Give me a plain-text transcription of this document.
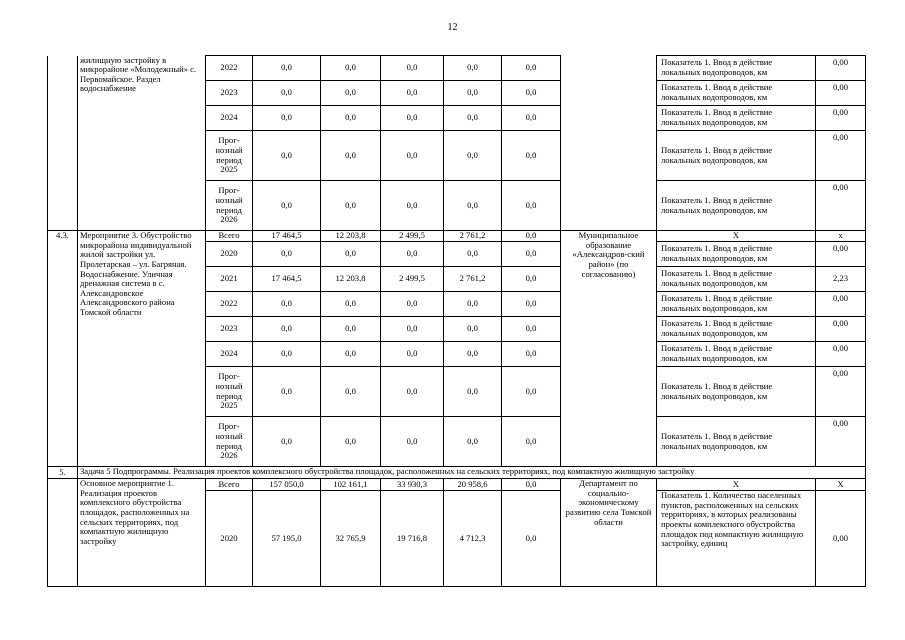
12
	жилищную застройку в микрорайоне «Молодежный» с. Первомайское. Раздел водоснабжение	2022	0,0	0,0	0,0	0,0	0,0		Показатель 1. Ввод в действие локальных водопроводов, км	0,00
		2023	0,0	0,0	0,0	0,0	0,0		Показатель 1. Ввод в действие локальных водопроводов, км	0,00
		2024	0,0	0,0	0,0	0,0	0,0		Показатель 1. Ввод в действие локальных водопроводов, км	0,00
		Прог-нозный период 2025	0,0	0,0	0,0	0,0	0,0		Показатель 1. Ввод в действие локальных водопроводов, км	0,00
		Прог-нозный период 2026	0,0	0,0	0,0	0,0	0,0		Показатель 1. Ввод в действие локальных водопроводов, км	0,00
4.3.	Мероприятие 3. Обустройство микрорайона индивидуальной жилой застройки ул. Пролетарская – ул. Багряная. Водоснабжение. Уличная дренажная система в с. Александровское Александровского района Томской области	Всего	17 464,5	12 203,8	2 499,5	2 761,2	0,0	Муниципальное образование «Александров-ский район» (по согласованию)	Х	х
		2020	0,0	0,0	0,0	0,0	0,0		Показатель 1. Ввод в действие локальных водопроводов, км	0,00
		2021	17 464,5	12 203,8	2 499,5	2 761,2	0,0		Показатель 1. Ввод в действие локальных водопроводов, км	2,23
		2022	0,0	0,0	0,0	0,0	0,0		Показатель 1. Ввод в действие локальных водопроводов, км	0,00
		2023	0,0	0,0	0,0	0,0	0,0		Показатель 1. Ввод в действие локальных водопроводов, км	0,00
		2024	0,0	0,0	0,0	0,0	0,0		Показатель 1. Ввод в действие локальных водопроводов, км	0,00
		Прог-нозный период 2025	0,0	0,0	0,0	0,0	0,0		Показатель 1. Ввод в действие локальных водопроводов, км	0,00
		Прог-нозный период 2026	0,0	0,0	0,0	0,0	0,0		Показатель 1. Ввод в действие локальных водопроводов, км	0,00
5.	Задача 5 Подпрограммы. Реализация проектов комплексного обустройства площадок, расположенных на сельских территориях, под компактную жилищную застройку									
	Основное мероприятие 1. Реализация проектов комплексного обустройства площадок, расположенных на сельских территориях, под компактную жилищную застройку	Всего	157 050,0	102 161,1	33 930,3	20 958,6	0,0	Департамент по социально-экономическому развитию села Томской области	Х	Х
		2020	57 195,0	32 765,9	19 716,8	4 712,3	0,0		Показатель 1. Количество населенных пунктов, расположенных на сельских территориях, в которых реализованы проекты комплексного обустройства площадок под компактную жилищную застройку, единиц	0,00
